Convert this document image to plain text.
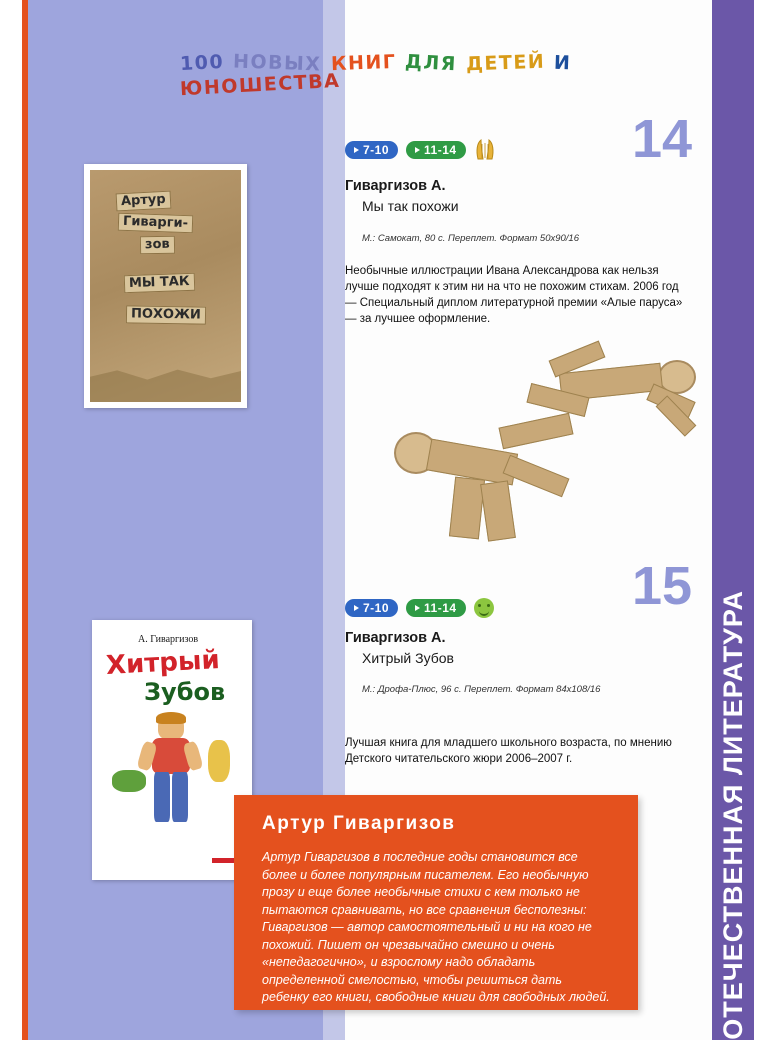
ОТЕЧЕСТВЕННАЯ ЛИТЕРАТУРА
100 НОВЫХ КНИГ ДЛЯ ДЕТЕЙ ИЮНОШЕСТВА
14
7-10	11-14
Гиваргизов А.
Мы так похожи
М.: Самокат, 80 с. Переплет. Формат 50х90/16
Необычные иллюстрации Ивана Александрова как нельзя лучше подходят к этим ни на что не похожим стихам. 2006 год — Специальный диплом литературной премии «Алые паруса» — за лучшее оформление.
Артур
Гиварги-
зов
МЫ ТАК
ПОХОЖИ
15
7-10	11-14
Гиваргизов А.
Хитрый Зубов
М.: Дрофа-Плюс, 96 с. Переплет. Формат 84х108/16
Лучшая книга для младшего школьного возраста, по мнению Детского читательского жюри 2006–2007 г.
А. Гиваргизов
Хитрый
Зубов
Артур Гиваргизов

Артур Гиваргизов в последние годы становится все более и более популярным писателем. Его необычную прозу и еще более необычные стихи с кем только не пытаются сравнивать, но все сравнения бесполезны: Гиваргизов — автор самостоятельный и ни на кого не похожий. Пишет он чрезвычайно смешно и очень «непедагогично», и взрослому надо обладать определенной смелостью, чтобы решиться дать ребенку его книги, свободные книги для свободных людей.
